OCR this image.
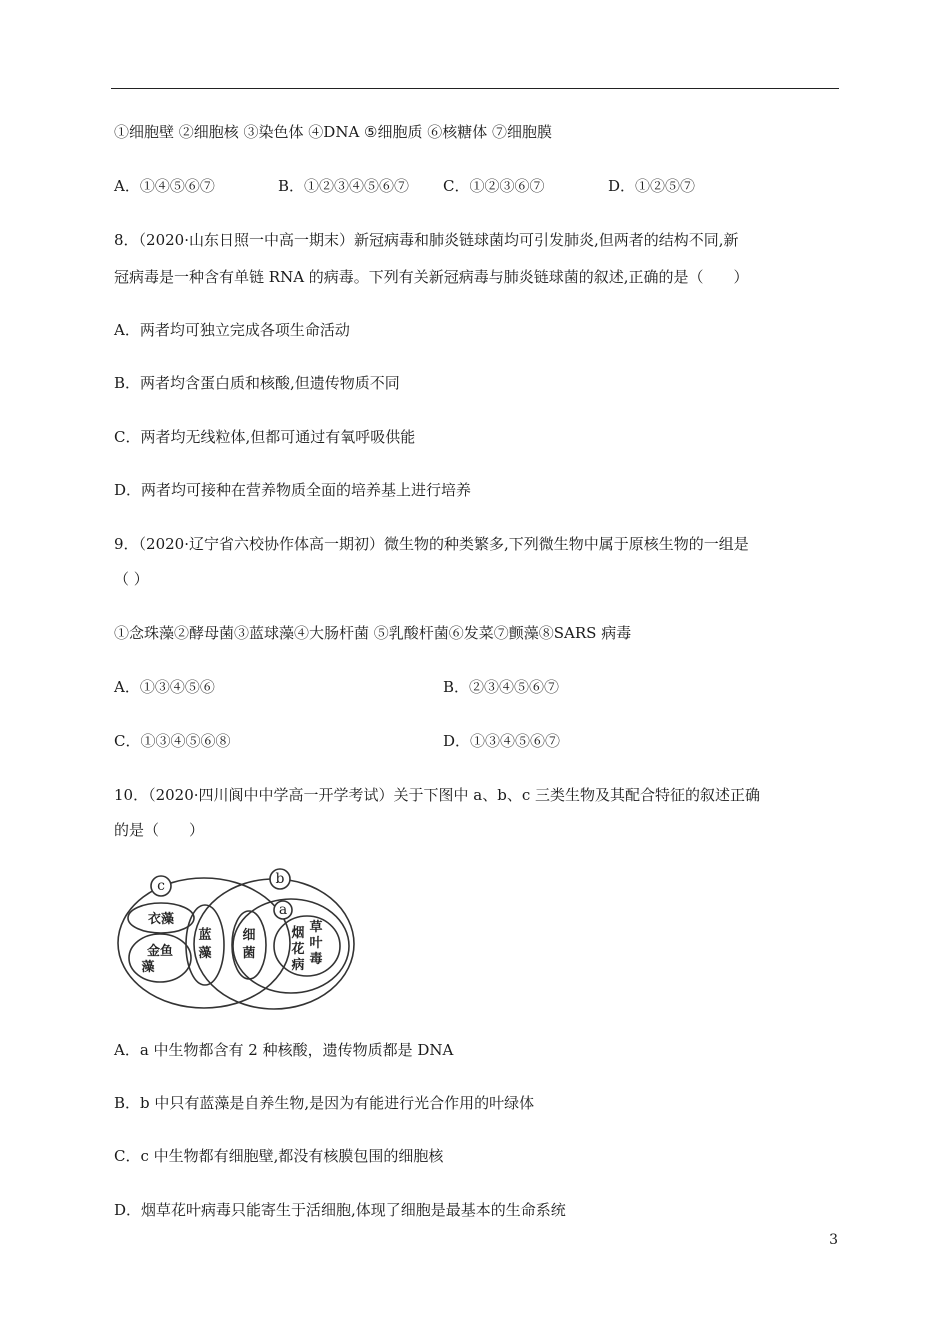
①细胞壁 ②细胞核 ③染色体 ④DNA ⑤细胞质 ⑥核糖体 ⑦细胞膜
A．①④⑤⑥⑦	B．①②③④⑤⑥⑦ C．①②③⑥⑦	D．①②⑤⑦
8．（2020·山东日照一中高一期末）新冠病毒和肺炎链球菌均可引发肺炎,但两者的结构不同,新
冠病毒是一种含有单链 RNA 的病毒。下列有关新冠病毒与肺炎链球菌的叙述,正确的是（　　）
A．两者均可独立完成各项生命活动
B．两者均含蛋白质和核酸,但遗传物质不同
C．两者均无线粒体,但都可通过有氧呼吸供能
D．两者均可接种在营养物质全面的培养基上进行培养
9．（2020·辽宁省六校协作体高一期初）微生物的种类繁多,下列微生物中属于原核生物的一组是
（ ）
①念珠藻②酵母菌③蓝球藻④大肠杆菌 ⑤乳酸杆菌⑥发菜⑦颤藻⑧SARS 病毒
A．①③④⑤⑥	B．②③④⑤⑥⑦
C．①③④⑤⑥⑧	D．①③④⑤⑥⑦
10．（2020·四川阆中中学高一开学考试）关于下图中 a、b、c 三类生物及其配合特征的叙述正确
的是（　　）
c	b
a
衣藻
金鱼
藻
蓝
藻
细
菌
烟
花
病
草
叶
毒
A．a 中生物都含有 2 种核酸，遗传物质都是 DNA
B．b 中只有蓝藻是自养生物,是因为有能进行光合作用的叶绿体
C．c 中生物都有细胞壁,都没有核膜包围的细胞核
D．烟草花叶病毒只能寄生于活细胞,体现了细胞是最基本的生命系统
3
